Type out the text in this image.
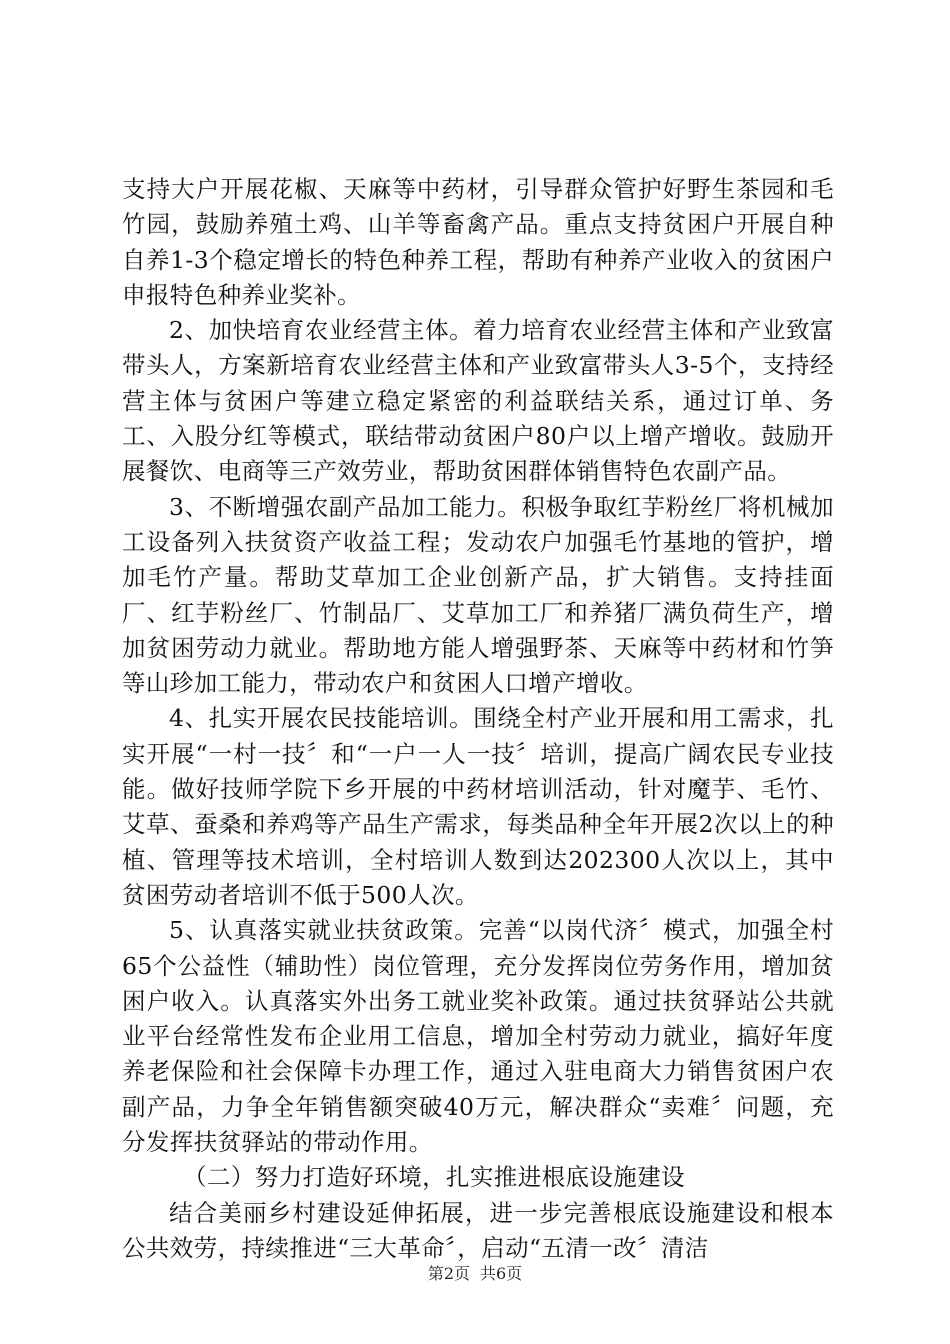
支持大户开展花椒、天麻等中药材，引导群众管护好野生茶园和毛竹园，鼓励养殖土鸡、山羊等畜禽产品。重点支持贫困户开展自种自养1-3个稳定增长的特色种养工程，帮助有种养产业收入的贫困户申报特色种养业奖补。

2、加快培育农业经营主体。着力培育农业经营主体和产业致富带头人，方案新培育农业经营主体和产业致富带头人3-5个，支持经营主体与贫困户等建立稳定紧密的利益联结关系，通过订单、务工、入股分红等模式，联结带动贫困户80户以上增产增收。鼓励开展餐饮、电商等三产效劳业，帮助贫困群体销售特色农副产品。

3、不断增强农副产品加工能力。积极争取红芋粉丝厂将机械加工设备列入扶贫资产收益工程；发动农户加强毛竹基地的管护，增加毛竹产量。帮助艾草加工企业创新产品，扩大销售。支持挂面厂、红芋粉丝厂、竹制品厂、艾草加工厂和养猪厂满负荷生产，增加贫困劳动力就业。帮助地方能人增强野茶、天麻等中药材和竹笋等山珍加工能力，带动农户和贫困人口增产增收。

4、扎实开展农民技能培训。围绕全村产业开展和用工需求，扎实开展“一村一技〞和“一户一人一技〞培训，提高广阔农民专业技能。做好技师学院下乡开展的中药材培训活动，针对魔芋、毛竹、艾草、蚕桑和养鸡等产品生产需求，每类品种全年开展2次以上的种植、管理等技术培训，全村培训人数到达202300人次以上，其中贫困劳动者培训不低于500人次。

5、认真落实就业扶贫政策。完善“以岗代济〞模式，加强全村65个公益性（辅助性）岗位管理，充分发挥岗位劳务作用，增加贫困户收入。认真落实外出务工就业奖补政策。通过扶贫驿站公共就业平台经常性发布企业用工信息，增加全村劳动力就业，搞好年度养老保险和社会保障卡办理工作，通过入驻电商大力销售贫困户农副产品，力争全年销售额突破40万元，解决群众“卖难〞问题，充分发挥扶贫驿站的带动作用。

（二）努力打造好环境，扎实推进根底设施建设

结合美丽乡村建设延伸拓展，进一步完善根底设施建设和根本公共效劳，持续推进“三大革命〞，启动“五清一改〞清洁

第2页 共6页
